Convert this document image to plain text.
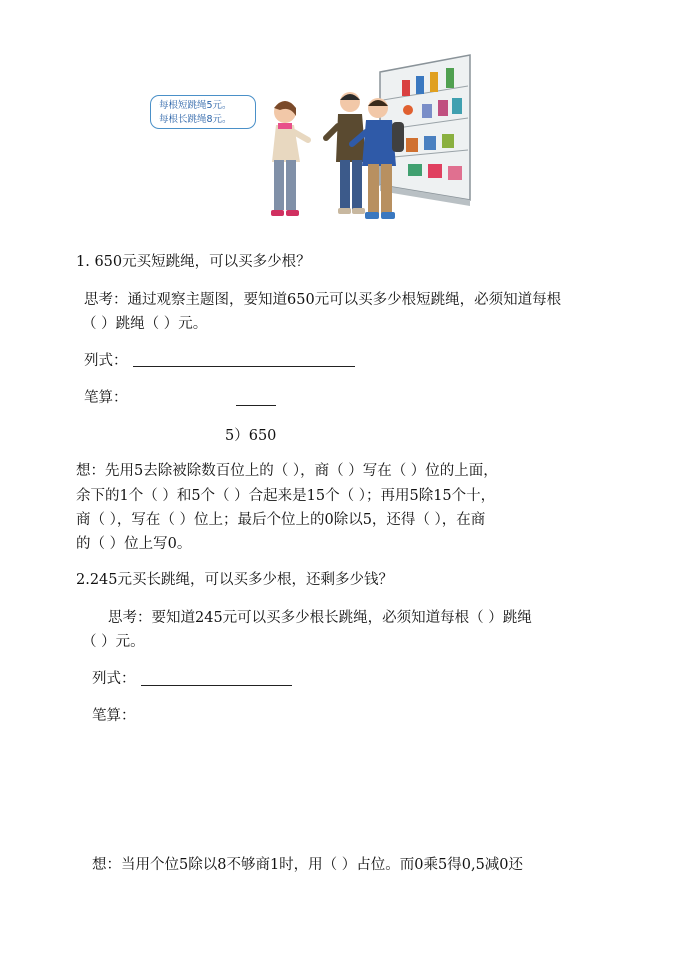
每根短跳绳5元。
每根长跳绳8元。
1. 650元买短跳绳，可以买多少根？
思考：通过观察主题图，要知道650元可以买多少根短跳绳，必须知道每根
（ ）跳绳（ ）元。
列式：
笔算：
5）650
想：先用5去除被除数百位上的（ ），商（ ）写在（ ）位的上面，
余下的1个（ ）和5个（ ）合起来是15个（ ）；再用5除15个十，
商（ ），写在（ ）位上；最后个位上的0除以5，还得（ ），在商
的（ ）位上写0。
2.245元买长跳绳，可以买多少根，还剩多少钱？
思考：要知道245元可以买多少根长跳绳，必须知道每根（ ）跳绳
（ ）元。
列式：
笔算：
想：当用个位5除以8不够商1时，用（ ）占位。而0乘5得0,5减0还
